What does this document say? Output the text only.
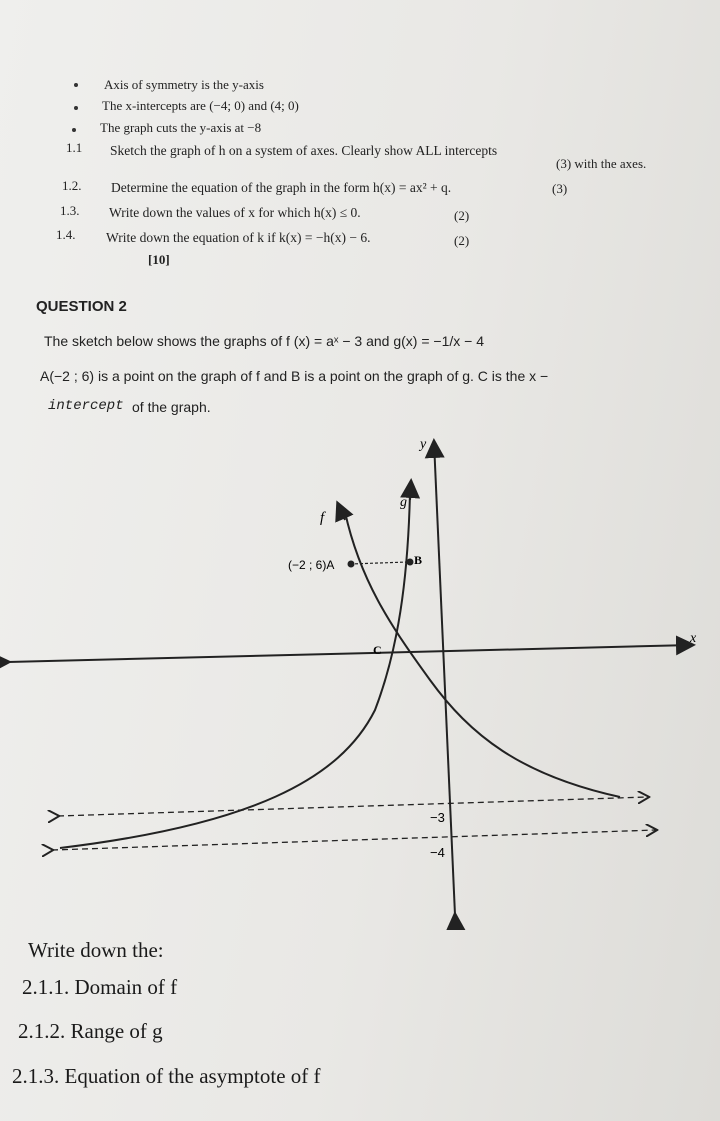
Axis of symmetry is the y-axis
The x-intercepts are (−4; 0) and (4; 0)
The graph cuts the y-axis at −8
1.1 Sketch the graph of h on a system of axes. Clearly show ALL intercepts
(3) with the axes.
1.2. Determine the equation of the graph in the form h(x) = ax² + q.	(3)
1.3. Write down the values of x for which h(x) ≤ 0.	(2)
1.4. Write down the equation of k if k(x) = −h(x) − 6.	(2)
[10]
QUESTION 2
The sketch below shows the graphs of f (x) = aˣ − 3 and g(x) = −1/x − 4
A(−2 ; 6) is a point on the graph of f and B is a point on the graph of g. C is the x −
intercept of the graph.
y
x
f
g
(−2 ; 6)A	B
C
−3
−4
Write down the:
2.1.1. Domain of f
2.1.2. Range of g
2.1.3. Equation of the asymptote of f
